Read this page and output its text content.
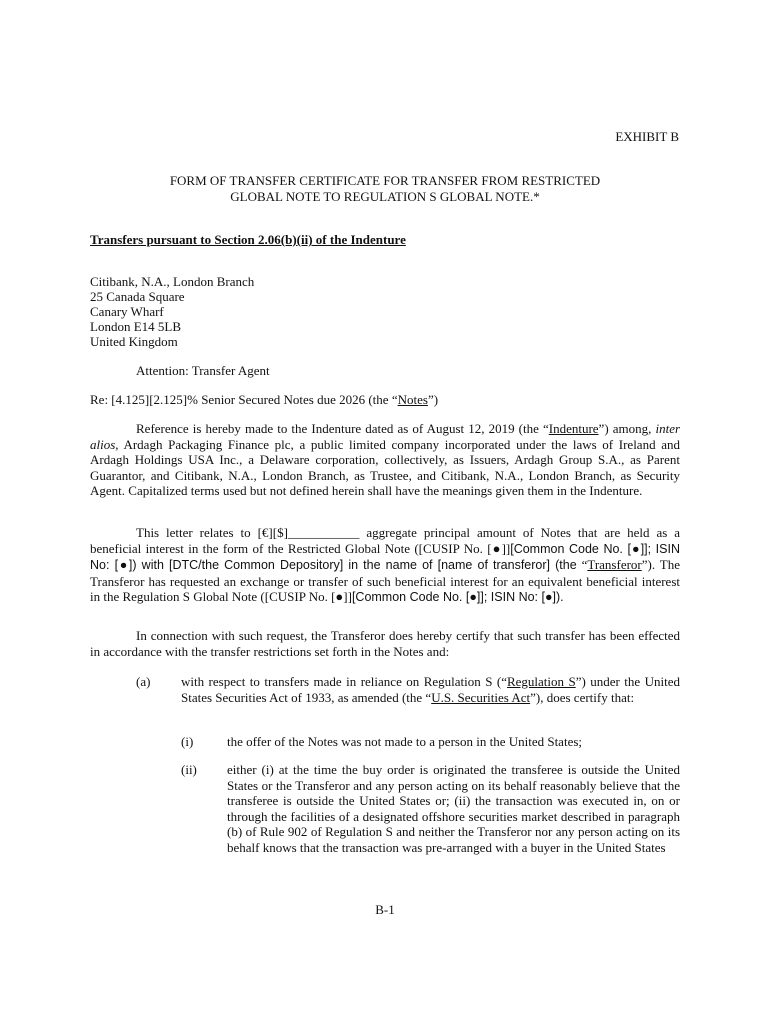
EXHIBIT B
FORM OF TRANSFER CERTIFICATE FOR TRANSFER FROM RESTRICTED
GLOBAL NOTE TO REGULATION S GLOBAL NOTE.*
Transfers pursuant to Section 2.06(b)(ii) of the Indenture
Citibank, N.A., London Branch
25 Canada Square
Canary Wharf
London E14 5LB
United Kingdom
Attention: Transfer Agent
Re: [4.125][2.125]% Senior Secured Notes due 2026 (the “Notes”)
Reference is hereby made to the Indenture dated as of August 12, 2019 (the “Indenture”) among, inter alios, Ardagh Packaging Finance plc, a public limited company incorporated under the laws of Ireland and Ardagh Holdings USA Inc., a Delaware corporation, collectively, as Issuers, Ardagh Group S.A., as Parent Guarantor, and Citibank, N.A., London Branch, as Trustee, and Citibank, N.A., London Branch, as Security Agent. Capitalized terms used but not defined herein shall have the meanings given them in the Indenture.
This letter relates to [€][$]___________ aggregate principal amount of Notes that are held as a beneficial interest in the form of the Restricted Global Note ([CUSIP No. [●]][Common Code No. [●]]; ISIN No: [●]) with [DTC/the Common Depository] in the name of [name of transferor] (the “Transferor”). The Transferor has requested an exchange or transfer of such beneficial interest for an equivalent beneficial interest in the Regulation S Global Note ([CUSIP No. [●]][Common Code No. [●]]; ISIN No: [●]).
In connection with such request, the Transferor does hereby certify that such transfer has been effected in accordance with the transfer restrictions set forth in the Notes and:
(a) with respect to transfers made in reliance on Regulation S (“Regulation S”) under the United States Securities Act of 1933, as amended (the “U.S. Securities Act”), does certify that:
(i)	the offer of the Notes was not made to a person in the United States;
(ii) either (i) at the time the buy order is originated the transferee is outside the United States or the Transferor and any person acting on its behalf reasonably believe that the transferee is outside the United States or; (ii) the transaction was executed in, on or through the facilities of a designated offshore securities market described in paragraph (b) of Rule 902 of Regulation S and neither the Transferor nor any person acting on its behalf knows that the transaction was pre-arranged with a buyer in the United States
B-1
